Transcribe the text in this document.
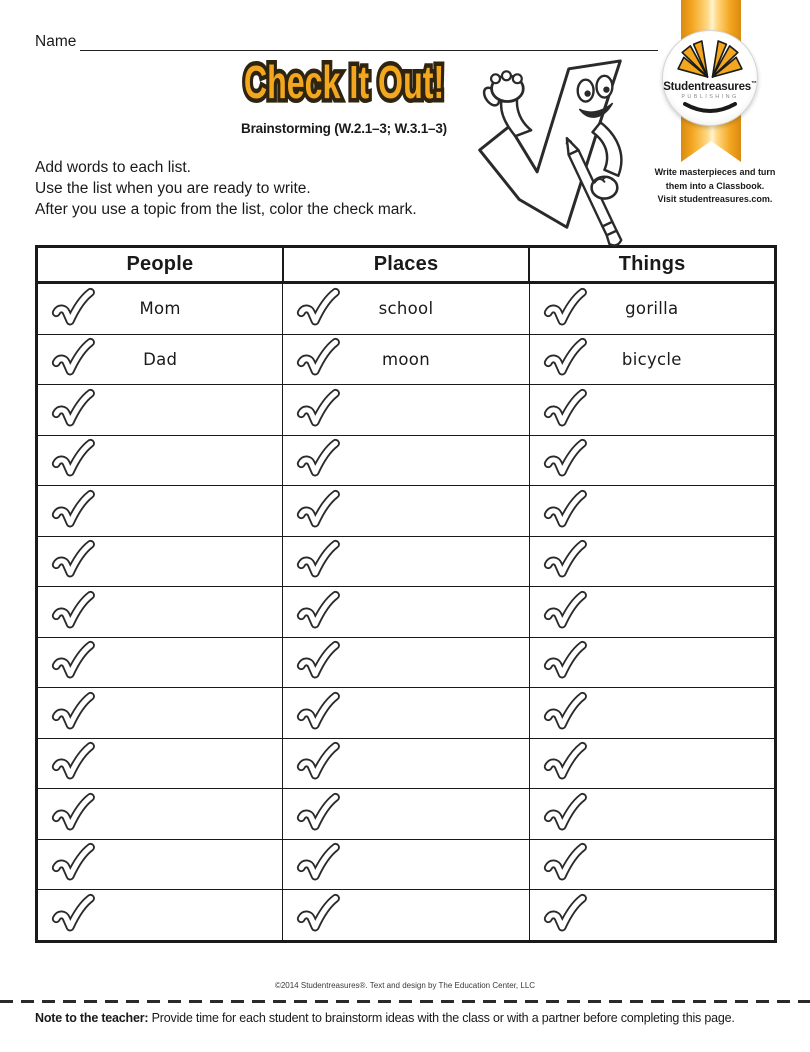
Name
Studentreasures™
PUBLISHING
Write masterpieces and turn
them into a Classbook.
Visit studentreasures.com.
Check It Out! Check It Out!
Brainstorming (W.2.1–3; W.3.1–3)
Add words to each list.
Use the list when you are ready to write.
After you use a topic from the list, color the check mark.
People	Places	Things

Mom	school	gorilla

Dad	moon	bicycle

©2014 Studentreasures®. Text and design by The Education Center, LLC
Note to the teacher: Provide time for each student to brainstorm ideas with the class or with a partner before completing this page.
